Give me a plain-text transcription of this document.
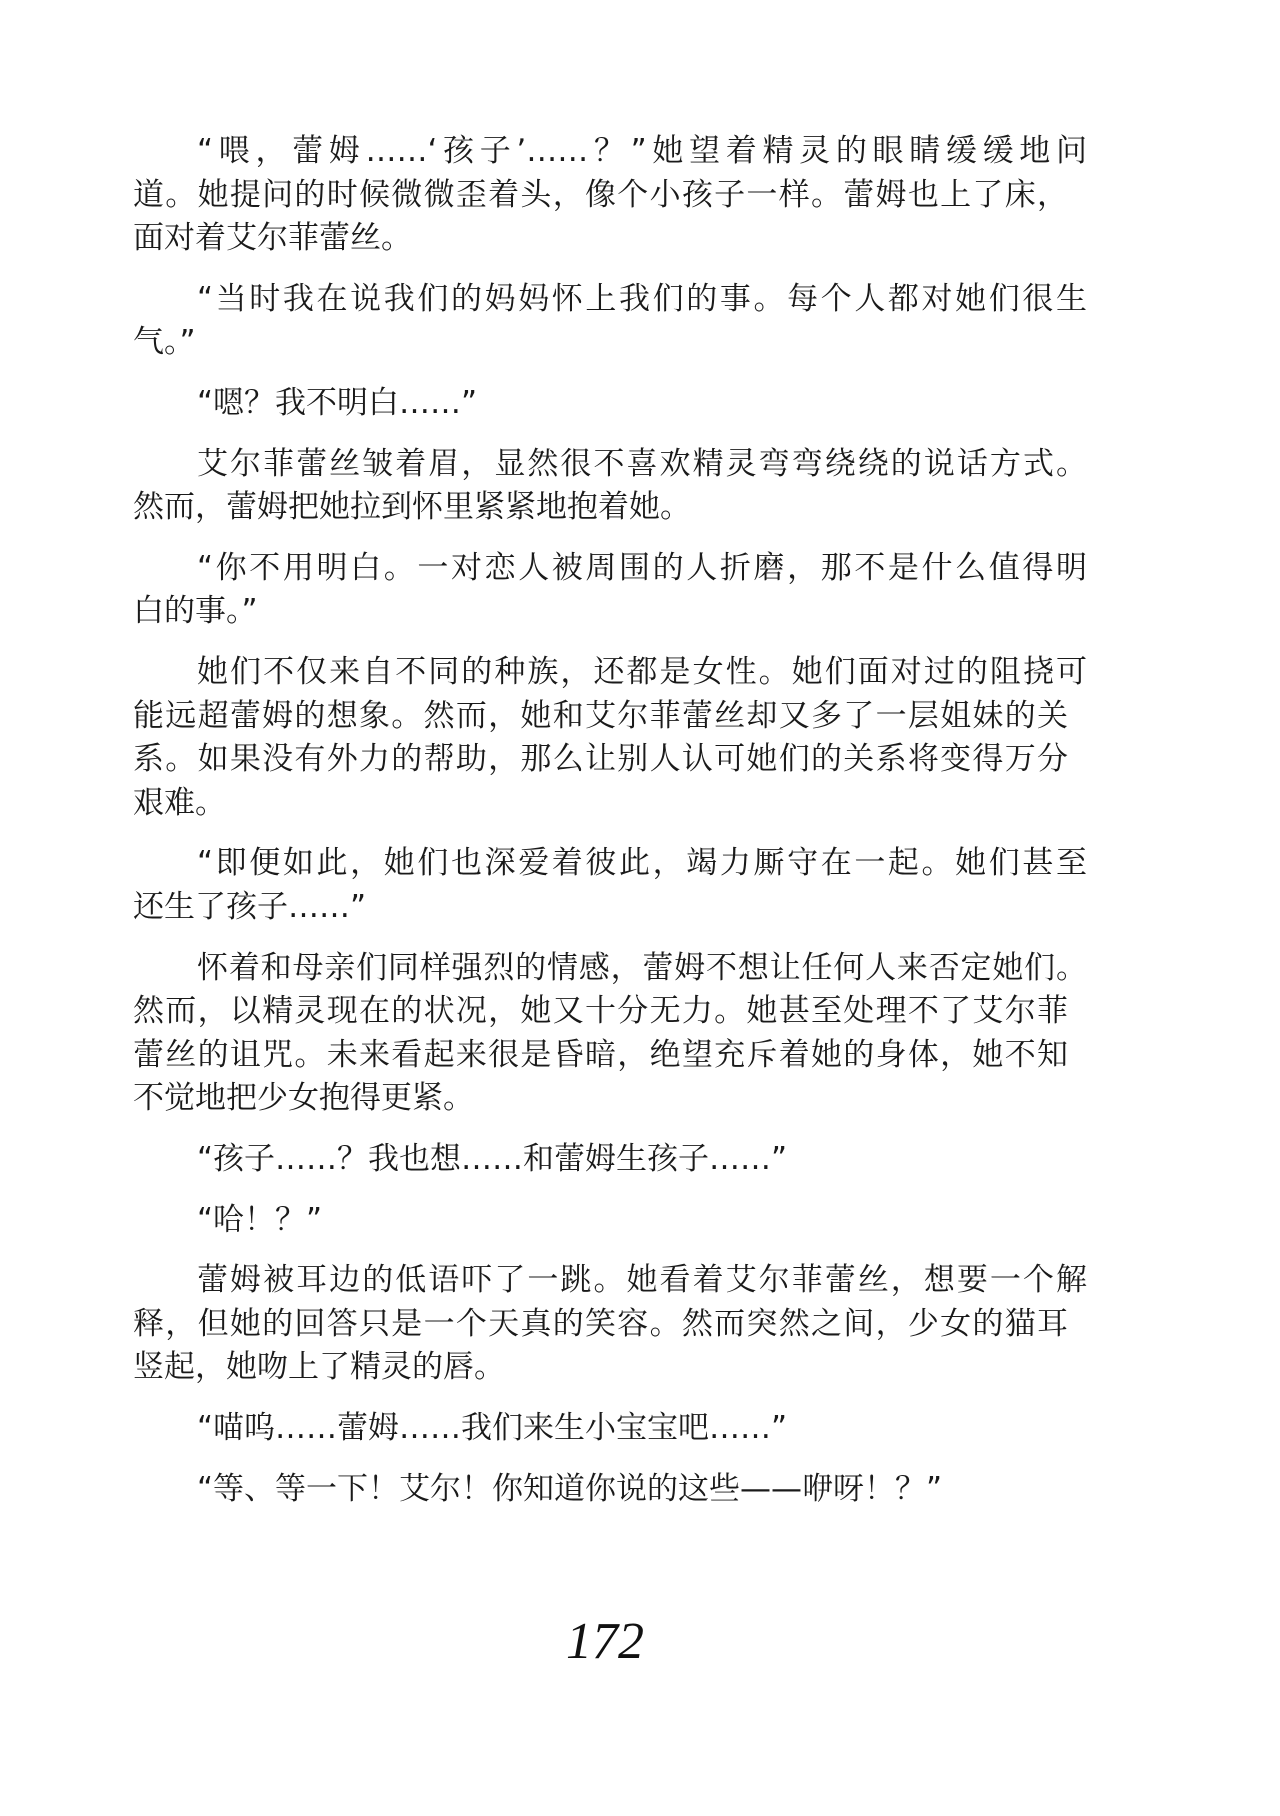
“喂，蕾姆……‘孩子’……？”她望着精灵的眼睛缓缓地问
道。她提问的时候微微歪着头，像个小孩子一样。蕾姆也上了床，
面对着艾尔菲蕾丝。
“当时我在说我们的妈妈怀上我们的事。每个人都对她们很生
气。”
“嗯？我不明白……”
艾尔菲蕾丝皱着眉，显然很不喜欢精灵弯弯绕绕的说话方式。
然而，蕾姆把她拉到怀里紧紧地抱着她。
“你不用明白。一对恋人被周围的人折磨，那不是什么值得明
白的事。”
她们不仅来自不同的种族，还都是女性。她们面对过的阻挠可
能远超蕾姆的想象。然而，她和艾尔菲蕾丝却又多了一层姐妹的关
系。如果没有外力的帮助，那么让别人认可她们的关系将变得万分
艰难。
“即便如此，她们也深爱着彼此，竭力厮守在一起。她们甚至
还生了孩子……”
怀着和母亲们同样强烈的情感，蕾姆不想让任何人来否定她们。
然而，以精灵现在的状况，她又十分无力。她甚至处理不了艾尔菲
蕾丝的诅咒。未来看起来很是昏暗，绝望充斥着她的身体，她不知
不觉地把少女抱得更紧。
“孩子……？我也想……和蕾姆生孩子……”
“哈！？”
蕾姆被耳边的低语吓了一跳。她看着艾尔菲蕾丝，想要一个解
释，但她的回答只是一个天真的笑容。然而突然之间，少女的猫耳
竖起，她吻上了精灵的唇。
“喵呜……蕾姆……我们来生小宝宝吧……”
“等、等一下！艾尔！你知道你说的这些——咿呀！？”
172
